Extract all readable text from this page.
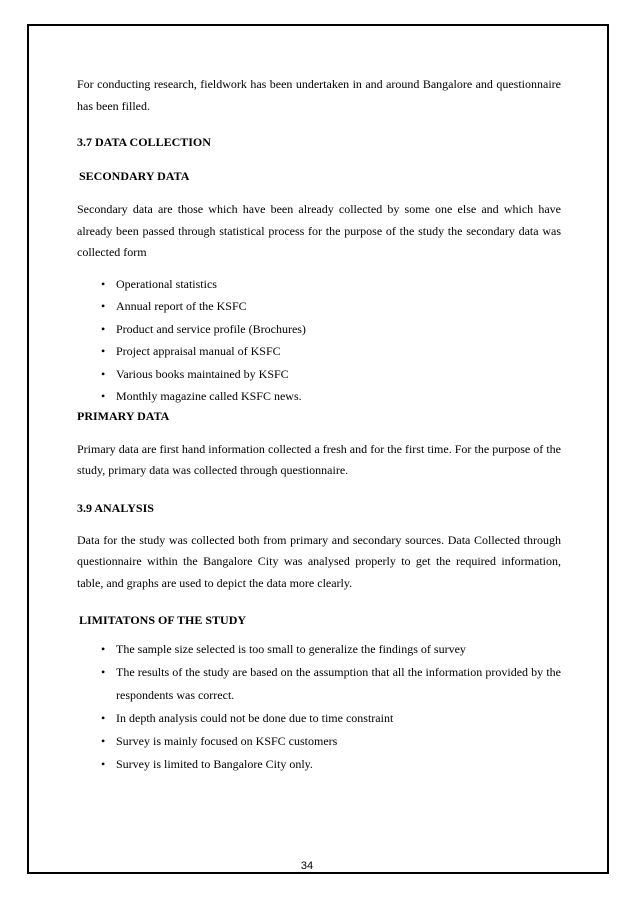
For conducting research, fieldwork has been undertaken in and around Bangalore and questionnaire has been filled.

3.7 DATA COLLECTION

SECONDARY DATA

Secondary data are those which have been already collected by some one else and which have already been passed through statistical process for the purpose of the study the secondary data was collected form

• Operational statistics
• Annual report of the KSFC
• Product and service profile (Brochures)
• Project appraisal manual of KSFC
• Various books maintained by KSFC
• Monthly magazine called KSFC news.

PRIMARY DATA

Primary data are first hand information collected a fresh and for the first time. For the purpose of the study, primary data was collected through questionnaire.

3.9 ANALYSIS

Data for the study was collected both from primary and secondary sources. Data Collected through questionnaire within the Bangalore City was analysed properly to get the required information, table, and graphs are used to depict the data more clearly.

LIMITATONS OF THE STUDY

• The sample size selected is too small to generalize the findings of survey
• The results of the study are based on the assumption that all the information provided by the respondents was correct.
• In depth analysis could not be done due to time constraint
• Survey is mainly focused on KSFC customers
• Survey is limited to Bangalore City only.
34
